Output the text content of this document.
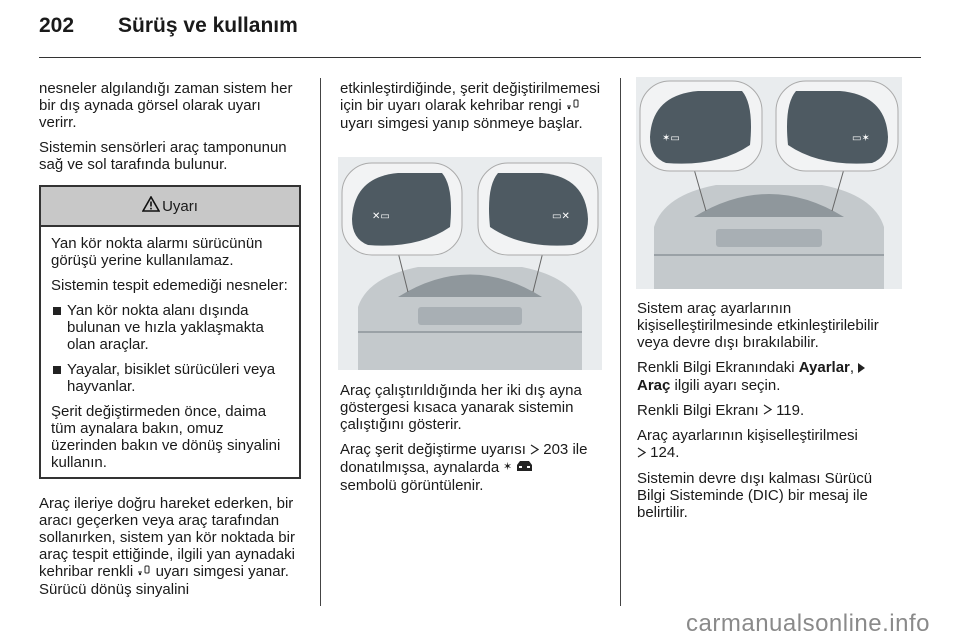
202 Sürüş ve kullanım

nesneler algılandığı zaman sistem her bir dış aynada görsel olarak uyarı verirr.

Sistemin sensörleri araç tamponunun sağ ve sol tarafında bulunur.

Uyarı

Yan kör nokta alarmı sürücünün görüşü yerine kullanılamaz.

Sistemin tespit edemediği nesneler:

Yan kör nokta alanı dışında bulunan ve hızla yaklaşmakta olan araçlar.
Yayalar, bisiklet sürücüleri veya hayvanlar.

Şerit değiştirmeden önce, daima tüm aynalara bakın, omuz üzerinden bakın ve dönüş sinyalini kullanın.

Araç ileriye doğru hareket ederken, bir aracı geçerken veya araç tarafından sollanırken, sistem yan kör noktada bir araç tespit ettiğinde, ilgili yan aynadaki kehribar renkli uyarı simgesi yanar. Sürücü dönüş sinyalini

etkinleştirdiğinde, şerit değiştirilmemesi için bir uyarı olarak kehribar rengi  uyarı simgesi yanıp sönmeye başlar.

✕▭	▭✕

Araç çalıştırıldığında her iki dış ayna göstergesi kısaca yanarak sistemin çalıştığını gösterir.

Araç şerit değiştirme uyarısı 203 ile donatılmışsa, aynalarda ✶

sembolü görüntülenir.

✶▭	▭✶

Sistem araç ayarlarının kişiselleştirilmesinde etkinleştirilebilir veya devre dışı bırakılabilir.

Renkli Bilgi Ekranındaki Ayarlar,
Araç ilgili ayarı seçin.

Renkli Bilgi Ekranı 119.

Araç ayarlarının kişiselleştirilmesi
124.

Sistemin devre dışı kalması Sürücü Bilgi Sisteminde (DIC) bir mesaj ile belirtilir.

carmanualsonline.info
